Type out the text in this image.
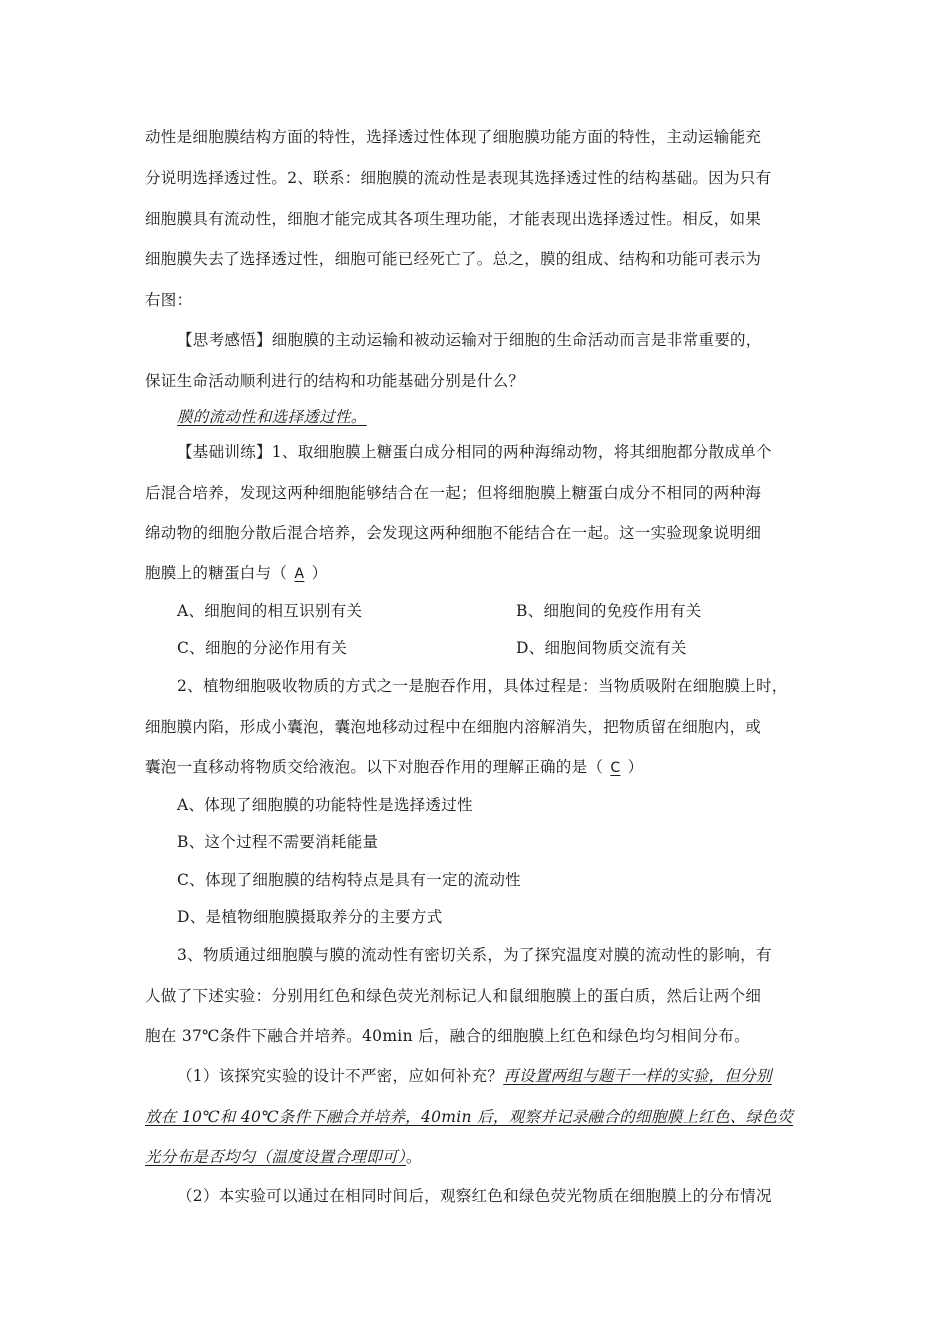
动性是细胞膜结构方面的特性，选择透过性体现了细胞膜功能方面的特性，主动运输能充
分说明选择透过性。2、联系：细胞膜的流动性是表现其选择透过性的结构基础。因为只有
细胞膜具有流动性，细胞才能完成其各项生理功能，才能表现出选择透过性。相反，如果
细胞膜失去了选择透过性，细胞可能已经死亡了。总之，膜的组成、结构和功能可表示为
右图：
【思考感悟】细胞膜的主动运输和被动运输对于细胞的生命活动而言是非常重要的，
保证生命活动顺利进行的结构和功能基础分别是什么？
膜的流动性和选择透过性。
【基础训练】1、取细胞膜上糖蛋白成分相同的两种海绵动物，将其细胞都分散成单个
后混合培养，发现这两种细胞能够结合在一起；但将细胞膜上糖蛋白成分不相同的两种海
绵动物的细胞分散后混合培养，会发现这两种细胞不能结合在一起。这一实验现象说明细
胞膜上的糖蛋白与（ A ）
A、细胞间的相互识别有关	B、细胞间的免疫作用有关
C、细胞的分泌作用有关	D、细胞间物质交流有关
2、植物细胞吸收物质的方式之一是胞吞作用，具体过程是：当物质吸附在细胞膜上时，
细胞膜内陷，形成小囊泡，囊泡地移动过程中在细胞内溶解消失，把物质留在细胞内，或
囊泡一直移动将物质交给液泡。以下对胞吞作用的理解正确的是（ C ）
A、体现了细胞膜的功能特性是选择透过性
B、这个过程不需要消耗能量
C、体现了细胞膜的结构特点是具有一定的流动性
D、是植物细胞膜摄取养分的主要方式
3、物质通过细胞膜与膜的流动性有密切关系，为了探究温度对膜的流动性的影响，有
人做了下述实验：分别用红色和绿色荧光剂标记人和鼠细胞膜上的蛋白质，然后让两个细
胞在 37℃条件下融合并培养。40min 后，融合的细胞膜上红色和绿色均匀相间分布。
（1）该探究实验的设计不严密，应如何补充？再设置两组与题干一样的实验，但分别
放在 10℃和 40℃条件下融合并培养，40min 后，观察并记录融合的细胞膜上红色、绿色荧
光分布是否均匀（温度设置合理即可）。
（2）本实验可以通过在相同时间后，观察红色和绿色荧光物质在细胞膜上的分布情况
